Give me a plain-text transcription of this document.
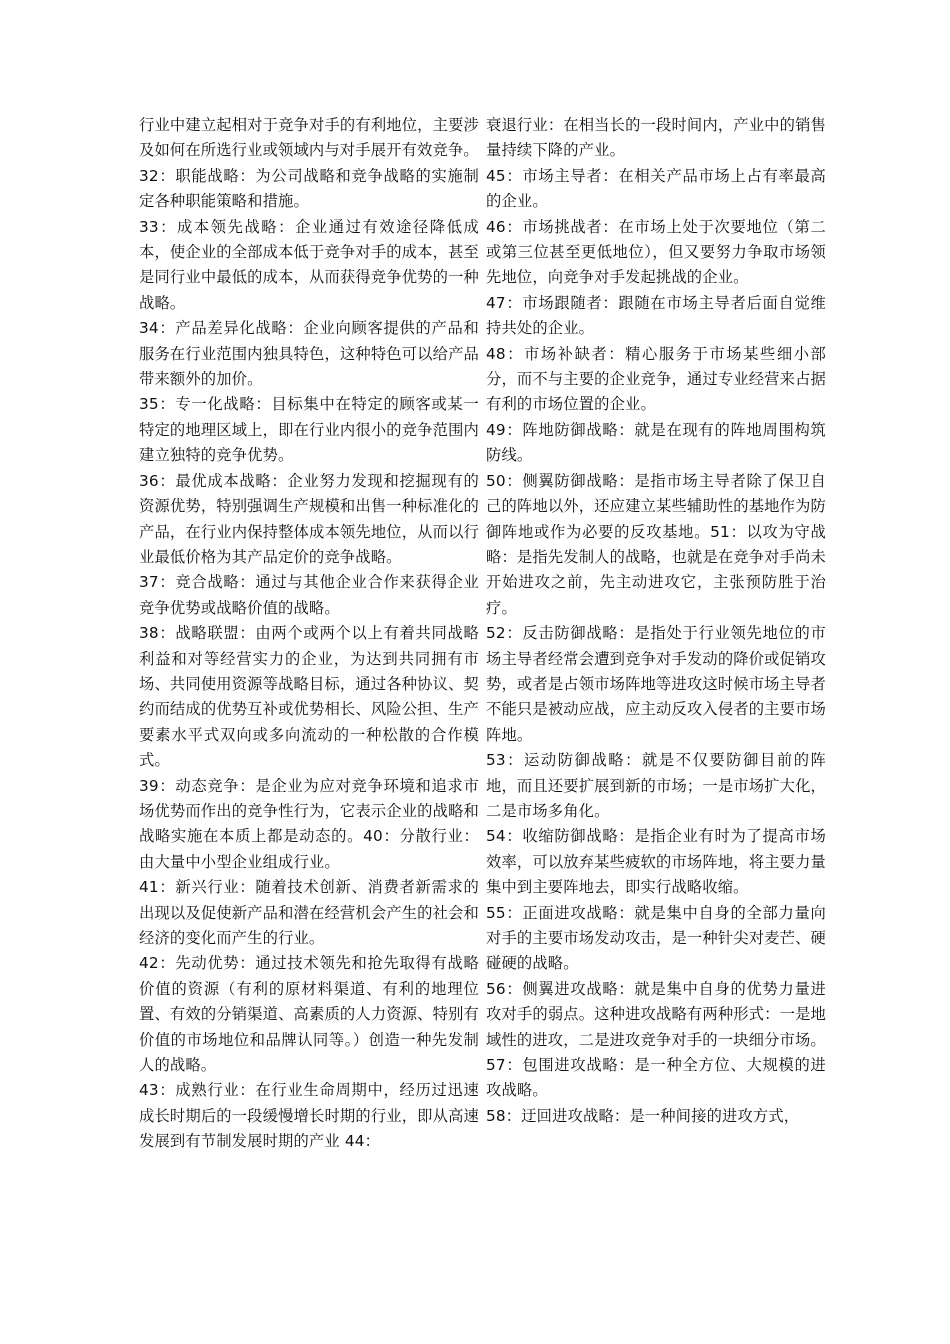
行业中建立起相对于竞争对手的有利地位，主要涉及如何在所选行业或领域内与对手展开有效竞争。

32：职能战略：为公司战略和竞争战略的实施制定各种职能策略和措施。

33：成本领先战略：企业通过有效途径降低成本，使企业的全部成本低于竞争对手的成本，甚至是同行业中最低的成本，从而获得竞争优势的一种战略。

34：产品差异化战略：企业向顾客提供的产品和服务在行业范围内独具特色，这种特色可以给产品带来额外的加价。

35：专一化战略：目标集中在特定的顾客或某一特定的地理区域上，即在行业内很小的竞争范围内建立独特的竞争优势。

36：最优成本战略：企业努力发现和挖掘现有的资源优势，特别强调生产规模和出售一种标准化的产品，在行业内保持整体成本领先地位，从而以行业最低价格为其产品定价的竞争战略。

37：竞合战略：通过与其他企业合作来获得企业竞争优势或战略价值的战略。

38：战略联盟：由两个或两个以上有着共同战略利益和对等经营实力的企业，为达到共同拥有市场、共同使用资源等战略目标，通过各种协议、契约而结成的优势互补或优势相长、风险公担、生产要素水平式双向或多向流动的一种松散的合作模式。

39：动态竞争：是企业为应对竞争环境和追求市场优势而作出的竞争性行为，它表示企业的战略和战略实施在本质上都是动态的。40：分散行业：由大量中小型企业组成行业。

41：新兴行业：随着技术创新、消费者新需求的出现以及促使新产品和潜在经营机会产生的社会和经济的变化而产生的行业。

42：先动优势：通过技术领先和抢先取得有战略价值的资源（有利的原材料渠道、有利的地理位置、有效的分销渠道、高素质的人力资源、特别有价值的市场地位和品牌认同等。）创造一种先发制人的战略。

43：成熟行业：在行业生命周期中，经历过迅速成长时期后的一段缓慢增长时期的行业，即从高速发展到有节制发展时期的产业 44：

衰退行业：在相当长的一段时间内，产业中的销售量持续下降的产业。

45：市场主导者：在相关产品市场上占有率最高的企业。

46：市场挑战者：在市场上处于次要地位（第二或第三位甚至更低地位），但又要努力争取市场领先地位，向竞争对手发起挑战的企业。

47：市场跟随者：跟随在市场主导者后面自觉维持共处的企业。

48：市场补缺者：精心服务于市场某些细小部分，而不与主要的企业竞争，通过专业经营来占据有利的市场位置的企业。

49：阵地防御战略：就是在现有的阵地周围构筑防线。

50：侧翼防御战略：是指市场主导者除了保卫自己的阵地以外，还应建立某些辅助性的基地作为防御阵地或作为必要的反攻基地。51：以攻为守战略：是指先发制人的战略，也就是在竞争对手尚未开始进攻之前，先主动进攻它，主张预防胜于治疗。

52：反击防御战略：是指处于行业领先地位的市场主导者经常会遭到竞争对手发动的降价或促销攻势，或者是占领市场阵地等进攻这时候市场主导者不能只是被动应战，应主动反攻入侵者的主要市场阵地。

53：运动防御战略：就是不仅要防御目前的阵地，而且还要扩展到新的市场；一是市场扩大化，二是市场多角化。

54：收缩防御战略：是指企业有时为了提高市场效率，可以放弃某些疲软的市场阵地，将主要力量集中到主要阵地去，即实行战略收缩。

55：正面进攻战略：就是集中自身的全部力量向对手的主要市场发动攻击，是一种针尖对麦芒、硬碰硬的战略。

56：侧翼进攻战略：就是集中自身的优势力量进攻对手的弱点。这种进攻战略有两种形式：一是地域性的进攻，二是进攻竞争对手的一块细分市场。

57：包围进攻战略：是一种全方位、大规模的进攻战略。

58：迂回进攻战略：是一种间接的进攻方式，
